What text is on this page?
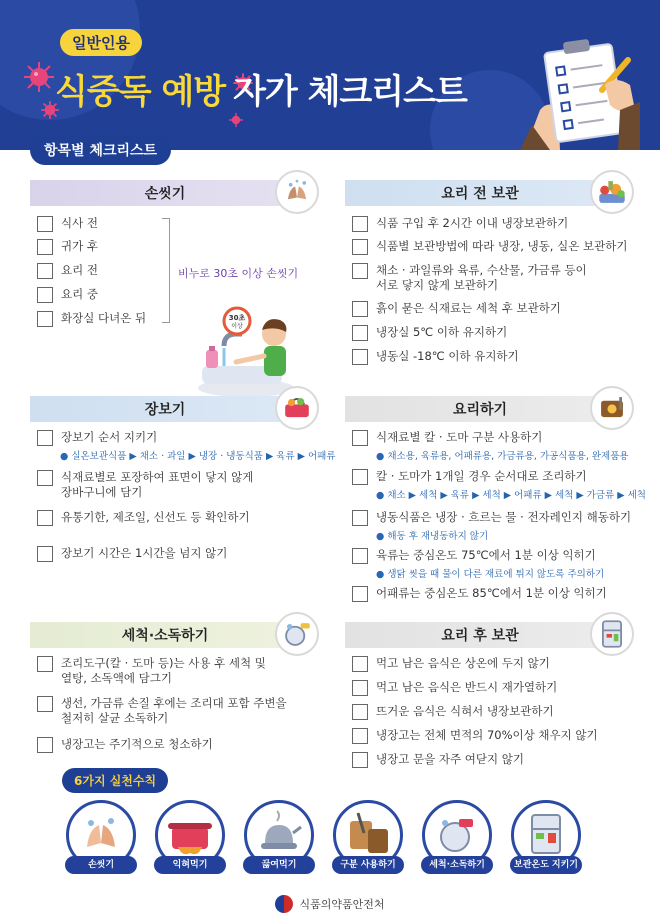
일반인용
식중독 예방 자가 체크리스트
항목별 체크리스트
손씻기
식사 전
귀가 후
요리 전
요리 중
화장실 다녀온 뒤
비누로 30초 이상 손씻기
30초
이상
요리 전 보관
식품 구입 후 2시간 이내 냉장보관하기
식품별 보관방법에 따라 냉장, 냉동, 실온 보관하기
채소 · 과일류와 육류, 수산물, 가금류 등이
서로 닿지 않게 보관하기
흙이 묻은 식재료는 세척 후 보관하기
냉장실 5℃ 이하 유지하기
냉동실 -18℃ 이하 유지하기
장보기
장보기 순서 지키기
● 실온보관식품 ▶ 채소 · 과일 ▶ 냉장 · 냉동식품 ▶ 육류 ▶ 어패류
식재료별로 포장하여 표면이 닿지 않게
장바구니에 담기
유통기한, 제조일, 신선도 등 확인하기
장보기 시간은 1시간을 넘지 않기
요리하기
식재료별 칼 · 도마 구분 사용하기
● 채소용, 육류용, 어패류용, 가금류용, 가공식품용, 완제품용
칼 · 도마가 1개일 경우 순서대로 조리하기
● 채소 ▶ 세척 ▶ 육류 ▶ 세척 ▶ 어패류 ▶ 세척 ▶ 가금류 ▶ 세척
냉동식품은 냉장 · 흐르는 물 · 전자레인지 해동하기
● 해동 후 재냉동하지 않기
육류는 중심온도 75℃에서 1분 이상 익히기
● 생닭 씻을 때 물이 다른 재료에 튀지 않도록 주의하기
어패류는 중심온도 85℃에서 1분 이상 익히기
세척·소독하기
조리도구(칼 · 도마 등)는 사용 후 세척 및
열탕, 소독액에 담그기
생선, 가금류 손질 후에는 조리대 포함 주변을
철저히 살균 소독하기
냉장고는 주기적으로 청소하기
요리 후 보관
먹고 남은 음식은 상온에 두지 않기
먹고 남은 음식은 반드시 재가열하기
뜨거운 음식은 식혀서 냉장보관하기
냉장고는 전체 면적의 70%이상 채우지 않기
냉장고 문을 자주 여닫지 않기
6가지 실천수칙
손씻기	익혀먹기	끓여먹기	구분 사용하기	세척·소독하기	보관온도 지키기
식품의약품안전처
